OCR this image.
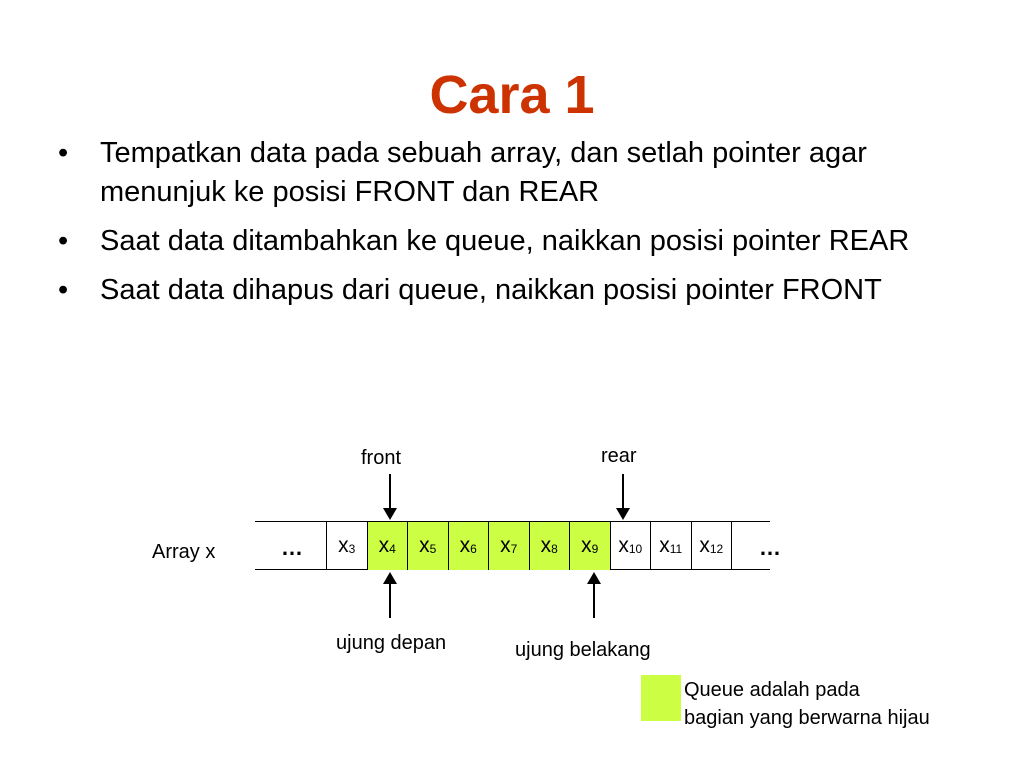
Cara 1
•	Tempatkan data pada sebuah array, dan setlah pointer agar menunjuk ke posisi FRONT dan REAR
•	Saat data ditambahkan ke queue, naikkan posisi pointer REAR
•	Saat data dihapus dari queue, naikkan posisi pointer FRONT
front	rear
Array x	…	…
$x_3$	$x_4$	$x_5$	$x_6$	$x_7$	$x_8$	$x_9$ $x_{10}$ $x_{11}$ $x_{12}$
ujung depan	ujung belakang
Queue adalah pada
bagian yang berwarna hijau
